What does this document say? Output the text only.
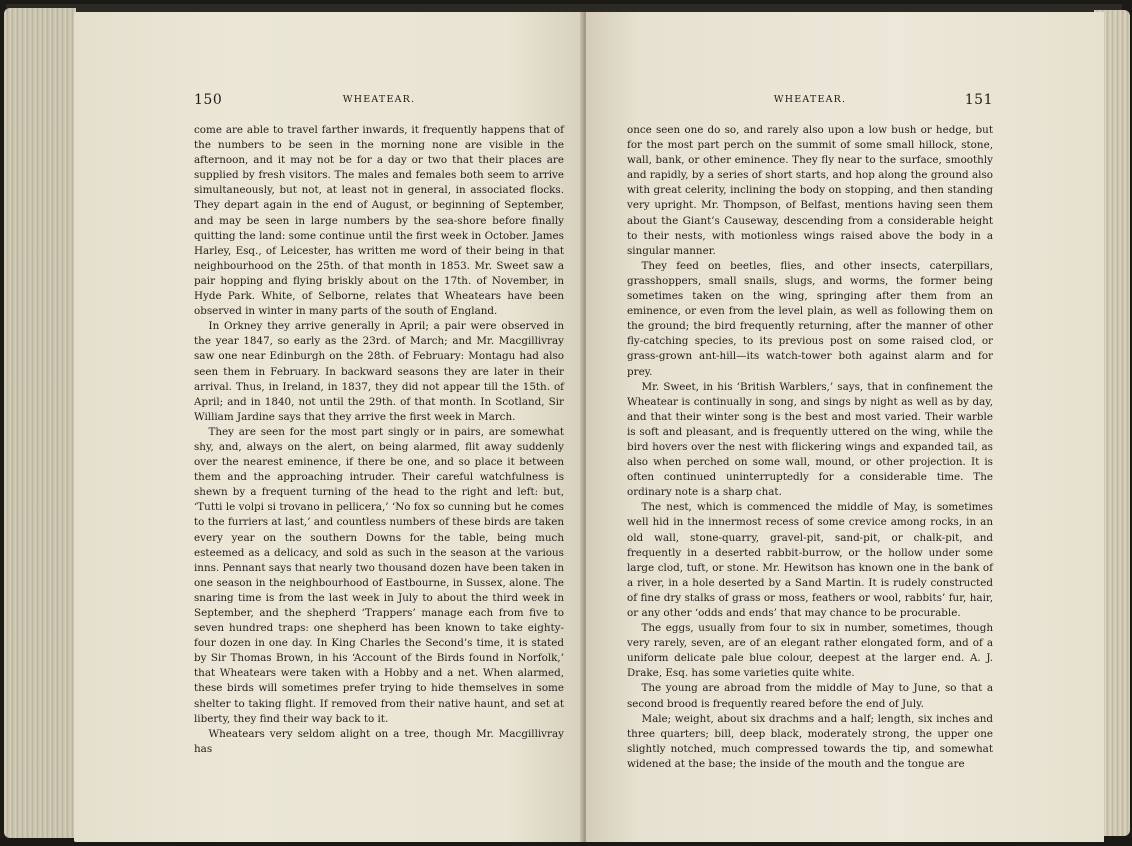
150	WHEATEAR.

come are able to travel farther inwards, it frequently happens that of the numbers to be seen in the morning none are visible in the afternoon, and it may not be for a day or two that their places are supplied by fresh visitors. The males and females both seem to arrive simultaneously, but not, at least not in general, in associated flocks. They depart again in the end of August, or beginning of September, and may be seen in large numbers by the sea-shore before finally quitting the land: some continue until the first week in October. James Harley, Esq., of Leicester, has written me word of their being in that neighbourhood on the 25th. of that month in 1853. Mr. Sweet saw a pair hopping and flying briskly about on the 17th. of November, in Hyde Park. White, of Selborne, relates that Wheatears have been observed in winter in many parts of the south of England.

In Orkney they arrive generally in April; a pair were observed in the year 1847, so early as the 23rd. of March; and Mr. Macgillivray saw one near Edinburgh on the 28th. of February: Montagu had also seen them in February. In backward seasons they are later in their arrival. Thus, in Ireland, in 1837, they did not appear till the 15th. of April; and in 1840, not until the 29th. of that month. In Scotland, Sir William Jardine says that they arrive the first week in March.

They are seen for the most part singly or in pairs, are somewhat shy, and, always on the alert, on being alarmed, flit away suddenly over the nearest eminence, if there be one, and so place it between them and the approaching intruder. Their careful watchfulness is shewn by a frequent turning of the head to the right and left: but, ‘Tutti le volpi si trovano in pellicera,’ ‘No fox so cunning but he comes to the furriers at last,’ and countless numbers of these birds are taken every year on the southern Downs for the table, being much esteemed as a delicacy, and sold as such in the season at the various inns. Pennant says that nearly two thousand dozen have been taken in one season in the neighbourhood of Eastbourne, in Sussex, alone. The snaring time is from the last week in July to about the third week in September, and the shepherd ‘Trappers’ manage each from five to seven hundred traps: one shepherd has been known to take eighty-four dozen in one day. In King Charles the Second’s time, it is stated by Sir Thomas Brown, in his ‘Account of the Birds found in Norfolk,’ that Wheatears were taken with a Hobby and a net. When alarmed, these birds will sometimes prefer trying to hide themselves in some shelter to taking flight. If removed from their native haunt, and set at liberty, they find their way back to it.

Wheatears very seldom alight on a tree, though Mr. Macgillivray has

WHEATEAR.	151

once seen one do so, and rarely also upon a low bush or hedge, but for the most part perch on the summit of some small hillock, stone, wall, bank, or other eminence. They fly near to the surface, smoothly and rapidly, by a series of short starts, and hop along the ground also with great celerity, inclining the body on stopping, and then standing very upright. Mr. Thompson, of Belfast, mentions having seen them about the Giant’s Causeway, descending from a considerable height to their nests, with motionless wings raised above the body in a singular manner.

They feed on beetles, flies, and other insects, caterpillars, grasshoppers, small snails, slugs, and worms, the former being sometimes taken on the wing, springing after them from an eminence, or even from the level plain, as well as following them on the ground; the bird frequently returning, after the manner of other fly-catching species, to its previous post on some raised clod, or grass-grown ant-hill—its watch-tower both against alarm and for prey.

Mr. Sweet, in his ‘British Warblers,’ says, that in confinement the Wheatear is continually in song, and sings by night as well as by day, and that their winter song is the best and most varied. Their warble is soft and pleasant, and is frequently uttered on the wing, while the bird hovers over the nest with flickering wings and expanded tail, as also when perched on some wall, mound, or other projection. It is often continued uninterruptedly for a considerable time. The ordinary note is a sharp chat.

The nest, which is commenced the middle of May, is sometimes well hid in the innermost recess of some crevice among rocks, in an old wall, stone-quarry, gravel-pit, sand-pit, or chalk-pit, and frequently in a deserted rabbit-burrow, or the hollow under some large clod, tuft, or stone. Mr. Hewitson has known one in the bank of a river, in a hole deserted by a Sand Martin. It is rudely constructed of fine dry stalks of grass or moss, feathers or wool, rabbits’ fur, hair, or any other ‘odds and ends’ that may chance to be procurable.

The eggs, usually from four to six in number, sometimes, though very rarely, seven, are of an elegant rather elongated form, and of a uniform delicate pale blue colour, deepest at the larger end. A. J. Drake, Esq. has some varieties quite white.

The young are abroad from the middle of May to June, so that a second brood is frequently reared before the end of July.

Male; weight, about six drachms and a half; length, six inches and three quarters; bill, deep black, moderately strong, the upper one slightly notched, much compressed towards the tip, and somewhat widened at the base; the inside of the mouth and the tongue are
